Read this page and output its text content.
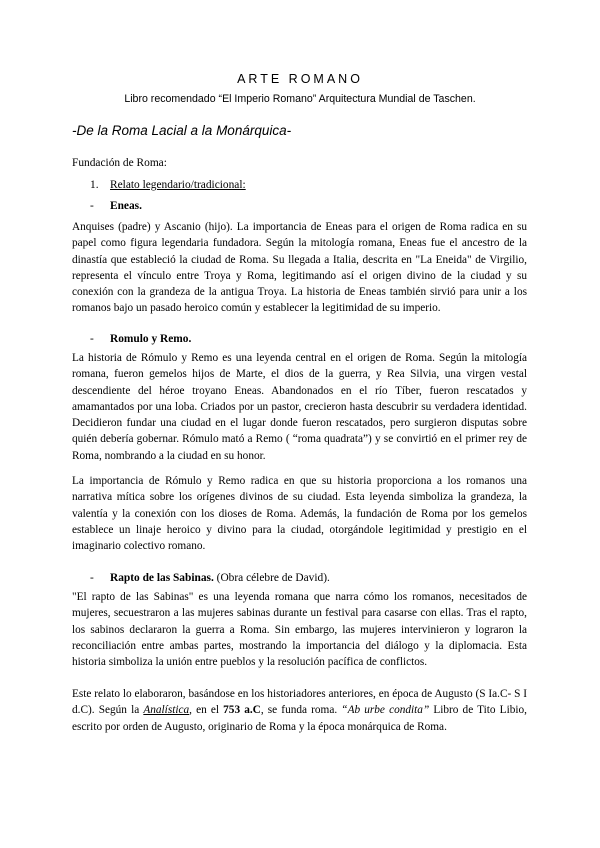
ARTE ROMANO
Libro recomendado “El Imperio Romano” Arquitectura Mundial de Taschen.
-De la Roma Lacial a la Monárquica-
Fundación de Roma:
1. Relato legendario/tradicional:
- Eneas.
Anquises (padre) y Ascanio (hijo). La importancia de Eneas para el origen de Roma radica en su papel como figura legendaria fundadora. Según la mitología romana, Eneas fue el ancestro de la dinastía que estableció la ciudad de Roma. Su llegada a Italia, descrita en "La Eneida" de Virgilio, representa el vínculo entre Troya y Roma, legitimando así el origen divino de la ciudad y su conexión con la grandeza de la antigua Troya. La historia de Eneas también sirvió para unir a los romanos bajo un pasado heroico común y establecer la legitimidad de su imperio.
- Romulo y Remo.
La historia de Rómulo y Remo es una leyenda central en el origen de Roma. Según la mitología romana, fueron gemelos hijos de Marte, el dios de la guerra, y Rea Silvia, una virgen vestal descendiente del héroe troyano Eneas. Abandonados en el río Tíber, fueron rescatados y amamantados por una loba. Criados por un pastor, crecieron hasta descubrir su verdadera identidad. Decidieron fundar una ciudad en el lugar donde fueron rescatados, pero surgieron disputas sobre quién debería gobernar. Rómulo mató a Remo ( “roma quadrata”) y se convirtió en el primer rey de Roma, nombrando a la ciudad en su honor.
La importancia de Rómulo y Remo radica en que su historia proporciona a los romanos una narrativa mítica sobre los orígenes divinos de su ciudad. Esta leyenda simboliza la grandeza, la valentía y la conexión con los dioses de Roma. Además, la fundación de Roma por los gemelos establece un linaje heroico y divino para la ciudad, otorgándole legitimidad y prestigio en el imaginario colectivo romano.
- Rapto de las Sabinas. (Obra célebre de David).
"El rapto de las Sabinas" es una leyenda romana que narra cómo los romanos, necesitados de mujeres, secuestraron a las mujeres sabinas durante un festival para casarse con ellas. Tras el rapto, los sabinos declararon la guerra a Roma. Sin embargo, las mujeres intervinieron y lograron la reconciliación entre ambas partes, mostrando la importancia del diálogo y la diplomacia. Esta historia simboliza la unión entre pueblos y la resolución pacífica de conflictos.
Este relato lo elaboraron, basándose en los historiadores anteriores, en época de Augusto (S Ia.C- S I d.C). Según la Analística, en el 753 a.C, se funda roma. “Ab urbe condita” Libro de Tito Libio, escrito por orden de Augusto, originario de Roma y la época monárquica de Roma.
